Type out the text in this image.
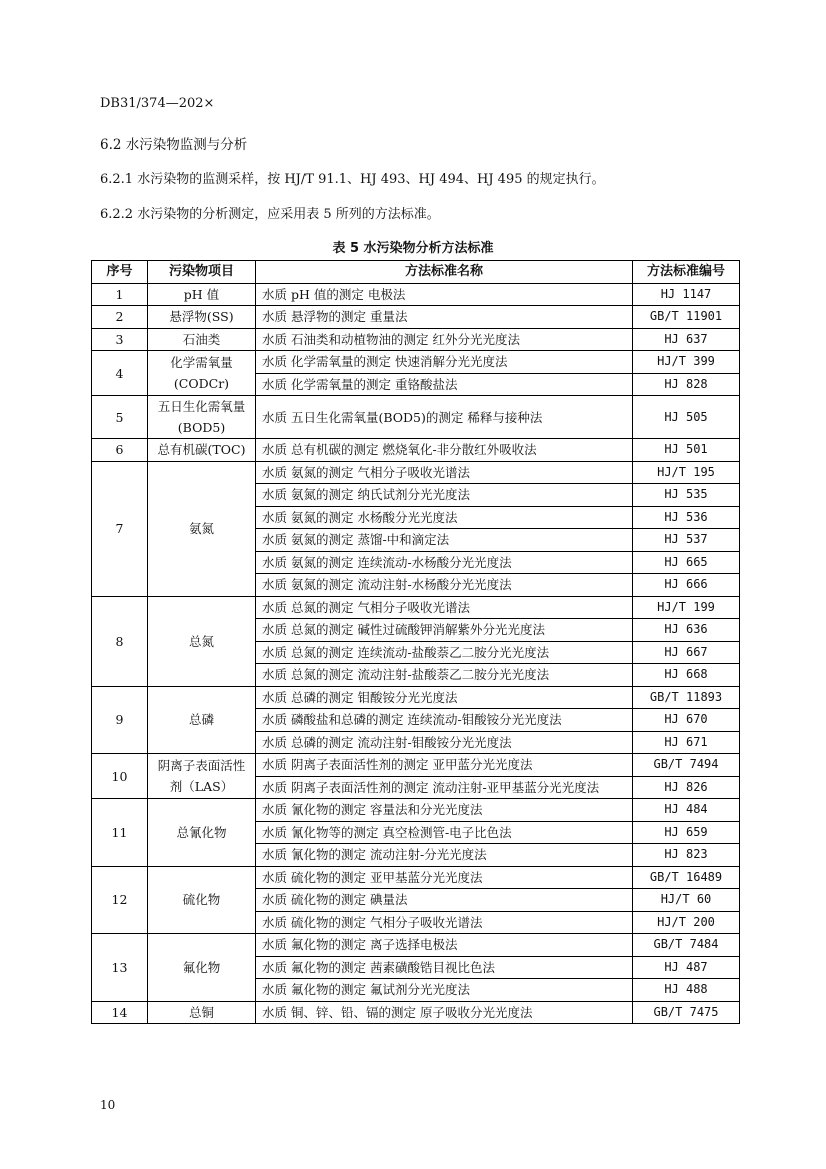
DB31/374—202×
6.2 水污染物监测与分析
6.2.1 水污染物的监测采样，按 HJ/T 91.1、HJ 493、HJ 494、HJ 495 的规定执行。
6.2.2 水污染物的分析测定，应采用表 5 所列的方法标准。
表 5 水污染物分析方法标准
序号	污染物项目	方法标准名称	方法标准编号
1	pH 值	水质 pH 值的测定 电极法	HJ 1147
2	悬浮物(SS)	水质 悬浮物的测定 重量法	GB/T 11901
3	石油类	水质 石油类和动植物油的测定 红外分光光度法	HJ 637
4	化学需氧量(CODCr)	水质 化学需氧量的测定 快速消解分光光度法	HJ/T 399
		水质 化学需氧量的测定 重铬酸盐法	HJ 828
5	五日生化需氧量(BOD5)	水质 五日生化需氧量(BOD5)的测定 稀释与接种法	HJ 505
6	总有机碳(TOC)	水质 总有机碳的测定 燃烧氧化-非分散红外吸收法	HJ 501
7	氨氮	水质 氨氮的测定 气相分子吸收光谱法	HJ/T 195
		水质 氨氮的测定 纳氏试剂分光光度法	HJ 535
		水质 氨氮的测定 水杨酸分光光度法	HJ 536
		水质 氨氮的测定 蒸馏-中和滴定法	HJ 537
		水质 氨氮的测定 连续流动-水杨酸分光光度法	HJ 665
		水质 氨氮的测定 流动注射-水杨酸分光光度法	HJ 666
8	总氮	水质 总氮的测定 气相分子吸收光谱法	HJ/T 199
		水质 总氮的测定 碱性过硫酸钾消解紫外分光光度法	HJ 636
		水质 总氮的测定 连续流动-盐酸萘乙二胺分光光度法	HJ 667
		水质 总氮的测定 流动注射-盐酸萘乙二胺分光光度法	HJ 668
9	总磷	水质 总磷的测定 钼酸铵分光光度法	GB/T 11893
		水质 磷酸盐和总磷的测定 连续流动-钼酸铵分光光度法	HJ 670
		水质 总磷的测定 流动注射-钼酸铵分光光度法	HJ 671
10	阴离子表面活性剂（LAS）	水质 阴离子表面活性剂的测定 亚甲蓝分光光度法	GB/T 7494
		水质 阴离子表面活性剂的测定 流动注射-亚甲基蓝分光光度法	HJ 826
11	总氰化物	水质 氰化物的测定 容量法和分光光度法	HJ 484
		水质 氰化物等的测定 真空检测管-电子比色法	HJ 659
		水质 氰化物的测定 流动注射-分光光度法	HJ 823
12	硫化物	水质 硫化物的测定 亚甲基蓝分光光度法	GB/T 16489
		水质 硫化物的测定 碘量法	HJ/T 60
		水质 硫化物的测定 气相分子吸收光谱法	HJ/T 200
13	氟化物	水质 氟化物的测定 离子选择电极法	GB/T 7484
		水质 氟化物的测定 茜素磺酸锆目视比色法	HJ 487
		水质 氟化物的测定 氟试剂分光光度法	HJ 488
14	总铜	水质 铜、锌、铅、镉的测定 原子吸收分光光度法	GB/T 7475
10
